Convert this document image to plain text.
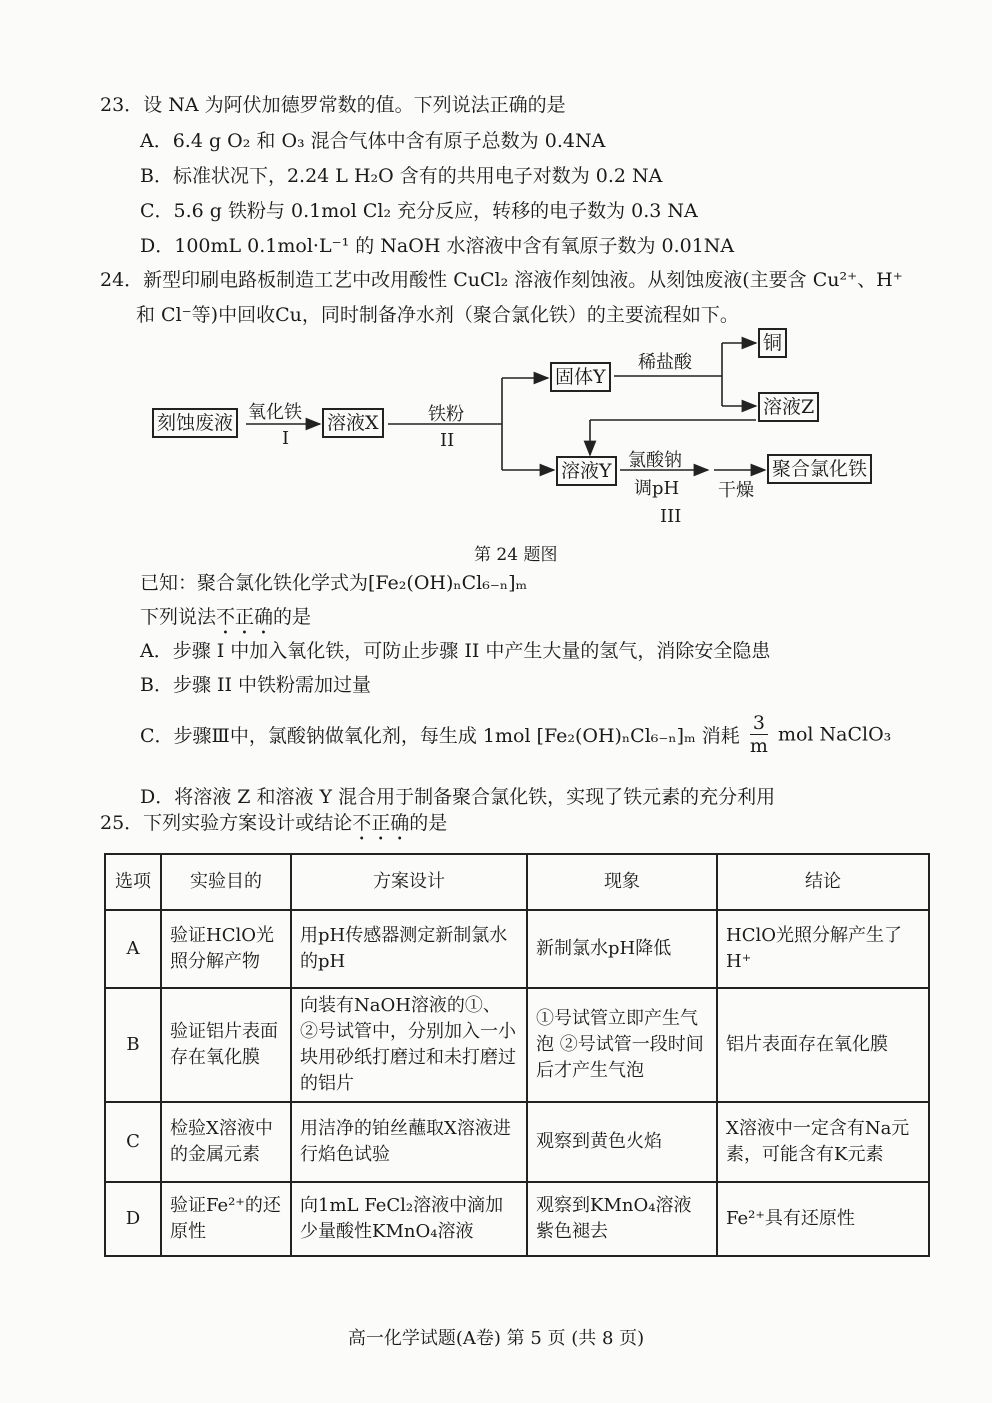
23．设 NA 为阿伏加德罗常数的值。下列说法正确的是
A．6.4 g O₂ 和 O₃ 混合气体中含有原子总数为 0.4NA
B．标准状况下，2.24 L H₂O 含有的共用电子对数为 0.2 NA
C．5.6 g 铁粉与 0.1mol Cl₂ 充分反应，转移的电子数为 0.3 NA
D．100mL 0.1mol·L⁻¹ 的 NaOH 水溶液中含有氧原子数为 0.01NA
24．新型印刷电路板制造工艺中改用酸性 CuCl₂ 溶液作刻蚀液。从刻蚀废液(主要含 Cu²⁺、H⁺
和 Cl⁻等)中回收Cu，同时制备净水剂（聚合氯化铁）的主要流程如下。
刻蚀废液 氧化铁
I
溶液X	铁粉
II
固体Y
稀盐酸
铜
溶液Z
溶液Y 氯酸钠
调pH
III
干燥
聚合氯化铁
第 24 题图
已知：聚合氯化铁化学式为[Fe₂(OH)ₙCl₆₋ₙ]ₘ
下列说法不正确的是
A．步骤 I 中加入氧化铁，可防止步骤 II 中产生大量的氢气，消除安全隐患
B．步骤 II 中铁粉需加过量
C．步骤Ⅲ中，氯酸钠做氧化剂，每生成 1mol [Fe₂(OH)ₙCl₆₋ₙ]ₘ 消耗 $\frac{3}{m}$ mol NaClO₃
D．将溶液 Z 和溶液 Y 混合用于制备聚合氯化铁，实现了铁元素的充分利用
25．下列实验方案设计或结论不正确的是
选项	实验目的	方案设计	现象	结论
A	验证HClO光照分解产物	用pH传感器测定新制氯水的pH	新制氯水pH降低	HClO光照分解产生了H⁺
B	验证铝片表面存在氧化膜	向装有NaOH溶液的①、②号试管中，分别加入一小块用砂纸打磨过和未打磨过的铝片	①号试管立即产生气泡 ②号试管一段时间后才产生气泡	铝片表面存在氧化膜
C	检验X溶液中的金属元素	用洁净的铂丝蘸取X溶液进行焰色试验	观察到黄色火焰	X溶液中一定含有Na元素，可能含有K元素
D	验证Fe²⁺的还原性	向1mL FeCl₂溶液中滴加少量酸性KMnO₄溶液	观察到KMnO₄溶液紫色褪去	Fe²⁺具有还原性
高一化学试题(A卷) 第 5 页 (共 8 页)
